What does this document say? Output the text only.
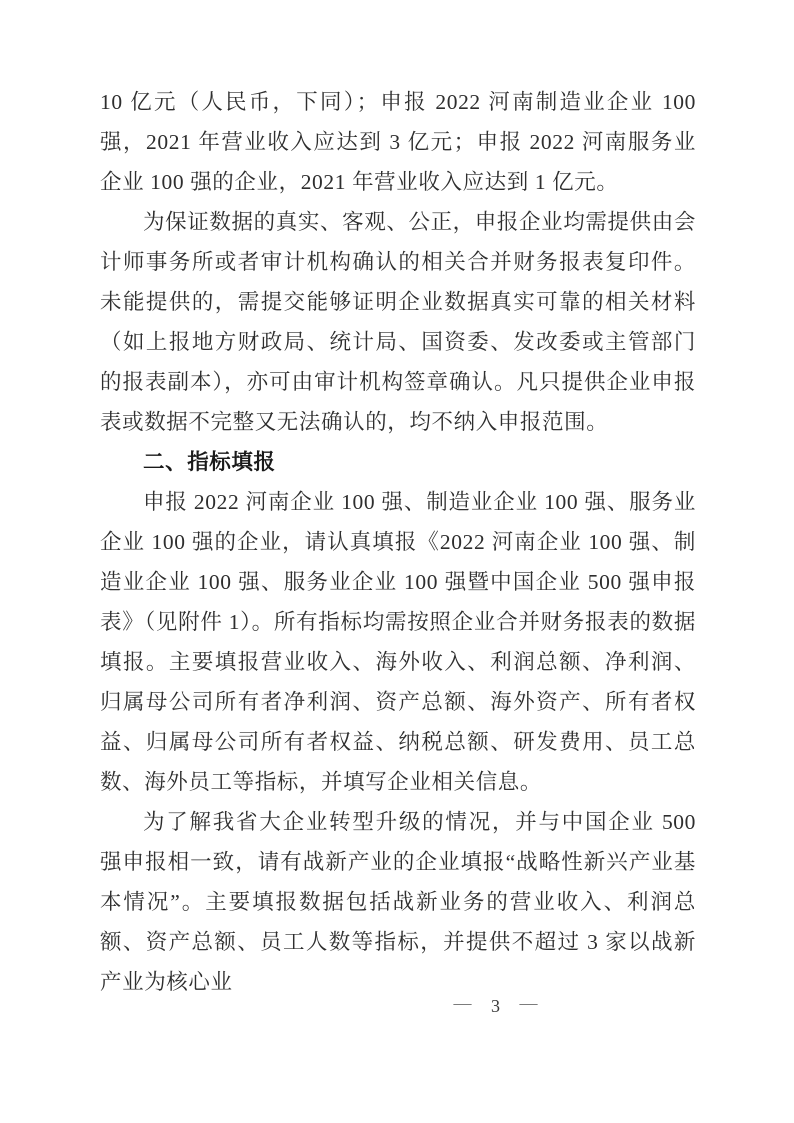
10 亿元（人民币，下同）；申报 2022 河南制造业企业 100 强，2021 年营业收入应达到 3 亿元；申报 2022 河南服务业企业 100 强的企业，2021 年营业收入应达到 1 亿元。

为保证数据的真实、客观、公正，申报企业均需提供由会计师事务所或者审计机构确认的相关合并财务报表复印件。未能提供的，需提交能够证明企业数据真实可靠的相关材料（如上报地方财政局、统计局、国资委、发改委或主管部门的报表副本），亦可由审计机构签章确认。凡只提供企业申报表或数据不完整又无法确认的，均不纳入申报范围。

二、指标填报

申报 2022 河南企业 100 强、制造业企业 100 强、服务业企业 100 强的企业，请认真填报《2022 河南企业 100 强、制造业企业 100 强、服务业企业 100 强暨中国企业 500 强申报表》（见附件 1）。所有指标均需按照企业合并财务报表的数据填报。主要填报营业收入、海外收入、利润总额、净利润、归属母公司所有者净利润、资产总额、海外资产、所有者权益、归属母公司所有者权益、纳税总额、研发费用、员工总数、海外员工等指标，并填写企业相关信息。

为了解我省大企业转型升级的情况，并与中国企业 500 强申报相一致，请有战新产业的企业填报“战略性新兴产业基本情况”。主要填报数据包括战新业务的营业收入、利润总额、资产总额、员工人数等指标，并提供不超过 3 家以战新产业为核心业

— 3 —
